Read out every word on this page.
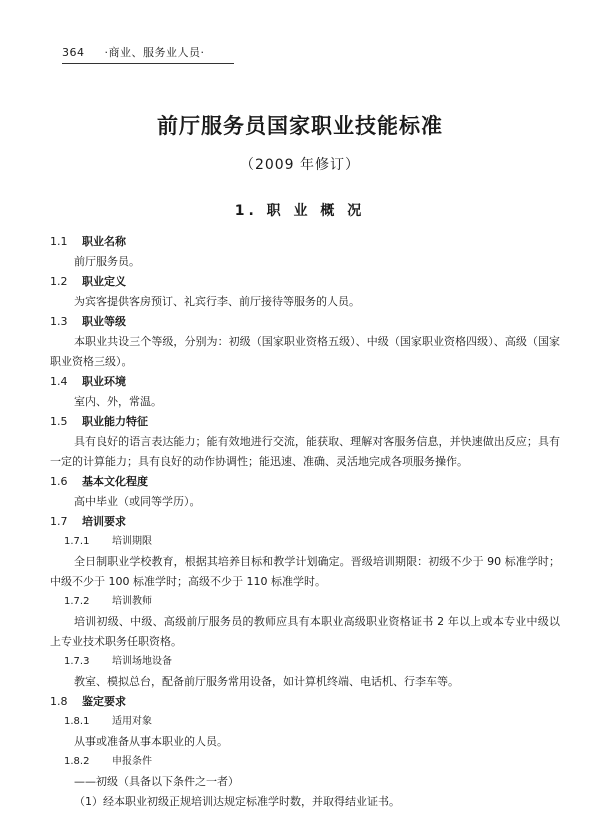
364 ·商业、服务业人员·
前厅服务员国家职业技能标准
（2009 年修订）
1. 职 业 概 况
1.1 职业名称
前厅服务员。
1.2 职业定义
为宾客提供客房预订、礼宾行李、前厅接待等服务的人员。
1.3 职业等级
本职业共设三个等级，分别为：初级（国家职业资格五级）、中级（国家职业资格四级）、高级（国家职业资格三级）。
1.4 职业环境
室内、外，常温。
1.5 职业能力特征
具有良好的语言表达能力；能有效地进行交流，能获取、理解对客服务信息，并快速做出反应；具有一定的计算能力；具有良好的动作协调性；能迅速、准确、灵活地完成各项服务操作。
1.6 基本文化程度
高中毕业（或同等学历）。
1.7 培训要求
1.7.1 培训期限
全日制职业学校教育，根据其培养目标和教学计划确定。晋级培训期限：初级不少于 90 标准学时；中级不少于 100 标准学时；高级不少于 110 标准学时。
1.7.2 培训教师
培训初级、中级、高级前厅服务员的教师应具有本职业高级职业资格证书 2 年以上或本专业中级以上专业技术职务任职资格。
1.7.3 培训场地设备
教室、模拟总台，配备前厅服务常用设备，如计算机终端、电话机、行李车等。
1.8 鉴定要求
1.8.1 适用对象
从事或准备从事本职业的人员。
1.8.2 申报条件
——初级（具备以下条件之一者）
（1）经本职业初级正规培训达规定标准学时数，并取得结业证书。
